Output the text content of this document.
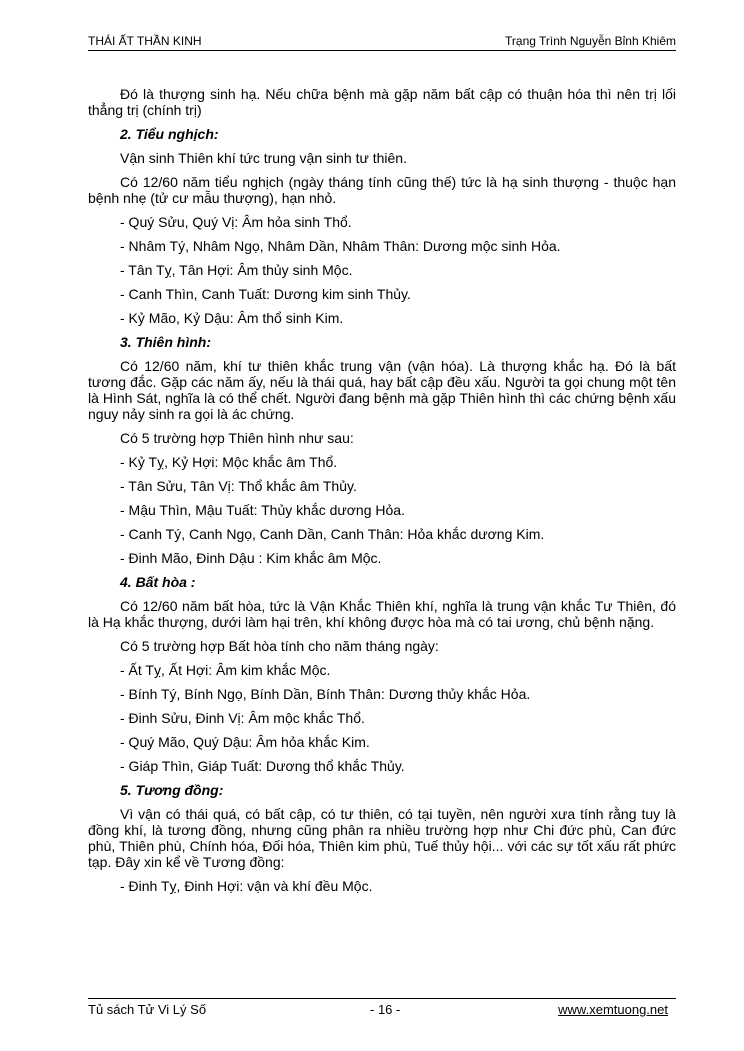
THÁI ẤT THẦN KINH	Trạng Trình Nguyễn Bỉnh Khiêm

Đó là thượng sinh hạ. Nếu chữa bệnh mà gặp năm bất cập có thuận hóa thì nên trị lối thẳng trị (chính trị)

2. Tiểu nghịch:

Vận sinh Thiên khí tức trung vận sinh tư thiên.

Có 12/60 năm tiểu nghịch (ngày tháng tính cũng thế) tức là hạ sinh thượng - thuộc hạn bệnh nhẹ (tử cư mẫu thượng), hạn nhỏ.

- Quý Sửu, Quý Vị: Âm hỏa sinh Thổ.

- Nhâm Tý, Nhâm Ngọ, Nhâm Dần, Nhâm Thân: Dương mộc sinh Hỏa.

- Tân Tỵ, Tân Hợi: Âm thủy sinh Mộc.

- Canh Thìn, Canh Tuất: Dương kim sinh Thủy.

- Kỷ Mão, Kỷ Dậu: Âm thổ sinh Kim.

3. Thiên hình:

Có 12/60 năm, khí tư thiên khắc trung vận (vận hóa). Là thượng khắc hạ. Đó là bất tương đắc. Gặp các năm ấy, nếu là thái quá, hay bất cập đều xấu. Người ta gọi chung một tên là Hình Sát, nghĩa là có thể chết. Người đang bệnh mà gặp Thiên hình thì các chứng bệnh xấu nguy nảy sinh ra gọi là ác chứng.

Có 5 trường hợp Thiên hình như sau:

- Kỷ Tỵ, Kỷ Hợi: Mộc khắc âm Thổ.

- Tân Sửu, Tân Vị: Thổ khắc âm Thủy.

- Mậu Thìn, Mậu Tuất: Thủy khắc dương Hỏa.

- Canh Tý, Canh Ngọ, Canh Dần, Canh Thân: Hỏa khắc dương Kim.

- Đinh Mão, Đinh Dậu : Kim khắc âm Mộc.

4. Bất hòa :

Có 12/60 năm bất hòa, tức là Vận Khắc Thiên khí, nghĩa là trung vận khắc Tư Thiên, đó là Hạ khắc thượng, dưới làm hại trên, khí không được hòa mà có tai ương, chủ bệnh nặng.

Có 5 trường hợp Bất hòa tính cho năm tháng ngày:

- Ất Tỵ, Ất Hợi: Âm kim khắc Mộc.

- Bính Tý, Bính Ngọ, Bính Dần, Bính Thân: Dương thủy khắc Hỏa.

- Đinh Sửu, Đinh Vị: Âm mộc khắc Thổ.

- Quý Mão, Quý Dậu: Âm hỏa khắc Kim.

- Giáp Thìn, Giáp Tuất: Dương thổ khắc Thủy.

5. Tương đồng:

Vì vận có thái quá, có bất cập, có tư thiên, có tại tuyền, nên người xưa tính rằng tuy là đồng khí, là tương đồng, nhưng cũng phân ra nhiều trường hợp như Chi đức phù, Can đức phù, Thiên phù, Chính hóa, Đối hóa, Thiên kim phù, Tuế thủy hội... với các sự tốt xấu rất phức tạp. Đây xin kể về Tương đồng:

- Đinh Tỵ, Đinh Hợi: vận và khí đều Mộc.

Tủ sách Tử Vi Lý Số	- 16 -	www.xemtuong.net
